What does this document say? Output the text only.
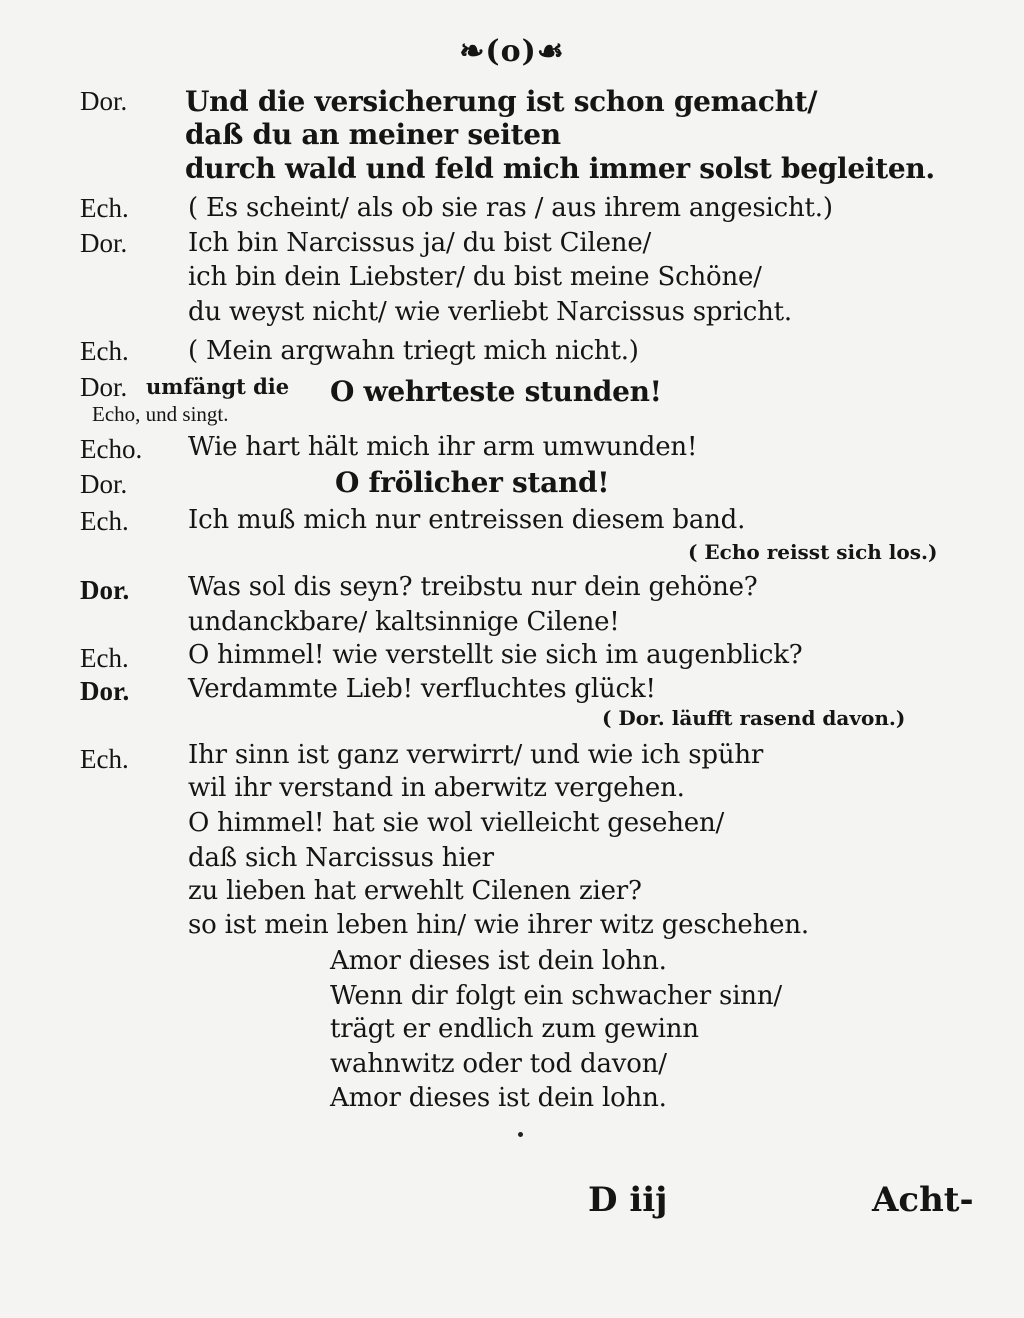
❧(o)☙
Dor. Und die versicherung ist schon gemacht/
daß du an meiner seiten
durch wald und feld mich immer solst begleiten.
Ech. ( Es scheint/ als ob sie ras / aus ihrem angesicht.)
Dor. Ich bin Narcissus ja/ du bist Cilene/
ich bin dein Liebster/ du bist meine Schöne/
du weyst nicht/ wie verliebt Narcissus spricht.
Ech. ( Mein argwahn triegt mich nicht.)
Dor. umfängt die O wehrteste stunden!
Echo, und singt.
Echo. Wie hart hält mich ihr arm umwunden!
Dor.	O frölicher stand!
Ech. Ich muß mich nur entreissen diesem band.
( Echo reisst sich los.)
Dor. Was sol dis seyn? treibstu nur dein gehöne?
undanckbare/ kaltsinnige Cilene!
Ech. O himmel! wie verstellt sie sich im augenblick?
Dor. Verdammte Lieb! verfluchtes glück!
( Dor. läufft rasend davon.)
Ech. Ihr sinn ist ganz verwirrt/ und wie ich spühr
wil ihr verstand in aberwitz vergehen.
O himmel! hat sie wol vielleicht gesehen/
daß sich Narcissus hier
zu lieben hat erwehlt Cilenen zier?
so ist mein leben hin/ wie ihrer witz geschehen.
Amor dieses ist dein lohn.
Wenn dir folgt ein schwacher sinn/
trägt er endlich zum gewinn
wahnwitz oder tod davon/
Amor dieses ist dein lohn.
D iij	Acht-
